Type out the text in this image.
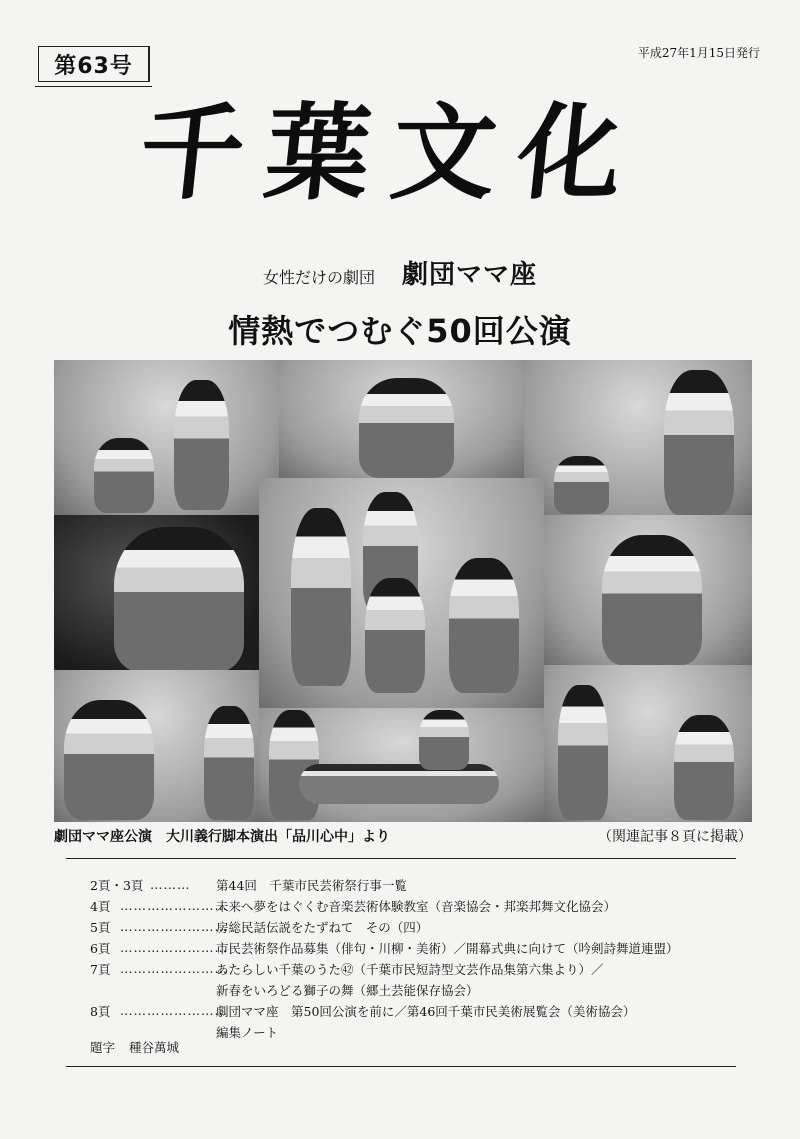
第63号
平成27年1月15日発行
千葉文化
女性だけの劇団 劇団ママ座
情熱でつむぐ50回公演
劇団ママ座公演　大川義行脚本演出「品川心中」より	（関連記事８頁に掲載）
2頁・3頁 ………	第44回　千葉市民芸術祭行事一覧
4頁 ……………………
未来へ夢をはぐくむ音楽芸術体験教室（音楽協会・邦楽邦舞文化協会）
5頁 ……………………
房総民話伝説をたずねて　その（四）
6頁 ……………………
市民芸術祭作品募集（俳句・川柳・美術）／開幕式典に向けて（吟剣詩舞道連盟）
7頁 ……………………
あたらしい千葉のうた㊷（千葉市民短詩型文芸作品集第六集より）／
新春をいろどる獅子の舞（郷土芸能保存協会）
8頁 ……………………
劇団ママ座　第50回公演を前に／第46回千葉市民美術展覧会（美術協会）
編集ノート
題字 種谷萬城
